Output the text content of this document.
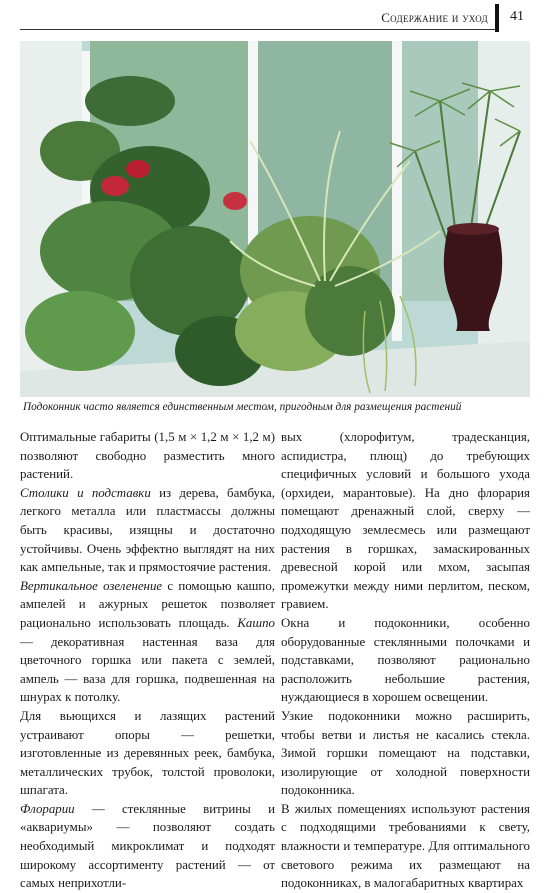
Содержание и уход 41
Подоконник часто является единственным местом, пригодным для размещения растений

Оптимальные габариты (1,5 м × 1,2 м × 1,2 м) позволяют свободно разместить много растений.

Столики и подставки из дерева, бамбука, легкого металла или пластмассы должны быть красивы, изящны и достаточно устойчивы. Очень эффектно выглядят на них как ампельные, так и прямостоячие растения.

Вертикальное озеленение с помощью кашпо, ампелей и ажурных решеток позволяет рационально использовать площадь. Кашпо — декоративная настенная ваза для цветочного горшка или пакета с землей, ампель — ваза для горшка, подвешенная на шнурах к потолку.

Для вьющихся и лазящих растений устраивают опоры — решетки, изготовленные из деревянных реек, бамбука, металлических трубок, толстой проволоки, шпагата.

Флорарии — стеклянные витрины и «аквариумы» — позволяют создать необходимый микроклимат и подходят широкому ассортименту растений — от самых неприхотли-

вых (хлорофитум, традесканция, аспидистра, плющ) до требующих специфичных условий и большого ухода (орхидеи, марантовые). На дно флорария помещают дренажный слой, сверху — подходящую землесмесь или размещают растения в горшках, замаскированных древесной корой или мхом, засыпая промежутки между ними перлитом, песком, гравием.

Окна и подоконники, особенно оборудованные стеклянными полочками и подставками, позволяют рационально расположить небольшие растения, нуждающиеся в хорошем освещении.

Узкие подоконники можно расширить, чтобы ветви и листья не касались стекла. Зимой горшки помещают на подставки, изолирующие от холодной поверхности подоконника.

В жилых помещениях используют растения с подходящими требованиями к свету, влажности и температуре. Для оптимального светового режима их размещают на подоконниках, в малогабаритных квартирах
